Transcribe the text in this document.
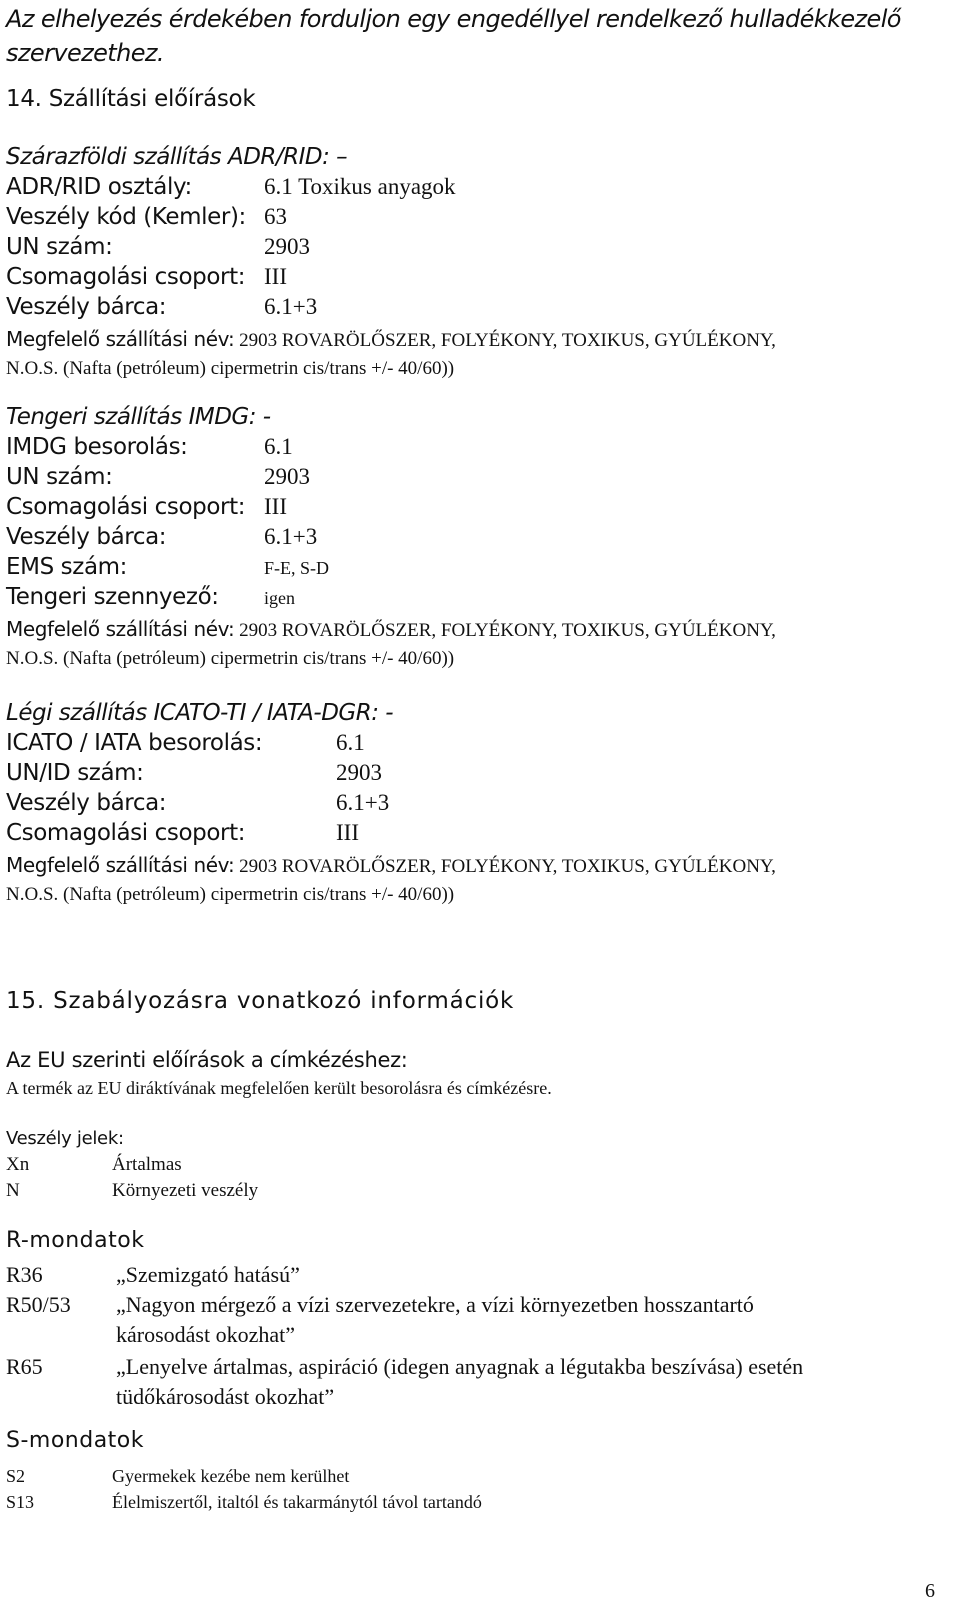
Az elhelyezés érdekében forduljon egy engedéllyel rendelkező hulladékkezelő szervezethez.
14. Szállítási előírások
Szárazföldi szállítás ADR/RID: –
ADR/RID osztály:	6.1 Toxikus anyagok
Veszély kód (Kemler): 63
UN szám:	2903
Csomagolási csoport: III
Veszély bárca:	6.1+3
Megfelelő szállítási név:
2903 ROVARÖLŐSZER, FOLYÉKONY, TOXIKUS, GYÚLÉKONY,
N.O.S. (Nafta (petróleum) cipermetrin cis/trans +/- 40/60))
Tengeri szállítás IMDG: -
IMDG besorolás:	6.1
UN szám:	2903
Csomagolási csoport: III
Veszély bárca:	6.1+3
EMS szám:	F-E, S-D
Tengeri szennyező:	igen
Megfelelő szállítási név:
2903 ROVARÖLŐSZER, FOLYÉKONY, TOXIKUS, GYÚLÉKONY,
N.O.S. (Nafta (petróleum) cipermetrin cis/trans +/- 40/60))
Légi szállítás ICATO-TI / IATA-DGR: -
ICATO / IATA besorolás:	6.1
UN/ID szám:	2903
Veszély bárca:	6.1+3
Csomagolási csoport:	III
Megfelelő szállítási név:
2903 ROVARÖLŐSZER, FOLYÉKONY, TOXIKUS, GYÚLÉKONY,
N.O.S. (Nafta (petróleum) cipermetrin cis/trans +/- 40/60))
15. Szabályozásra vonatkozó információk
Az EU szerinti előírások a címkézéshez:
A termék az EU diráktívának megfelelően került besorolásra és címkézésre.
Veszély jelek:
Xn	Ártalmas
N	Környezeti veszély
R-mondatok
R36	„Szemizgató hatású”
R50/53 „Nagyon mérgező a vízi szervezetekre, a vízi környezetben hosszantartó
károsodást okozhat”
R65	„Lenyelve ártalmas, aspiráció (idegen anyagnak a légutakba beszívása) esetén
tüdőkárosodást okozhat”
S-mondatok
S2	Gyermekek kezébe nem kerülhet
S13	Élelmiszertől, italtól és takarmánytól távol tartandó
6
